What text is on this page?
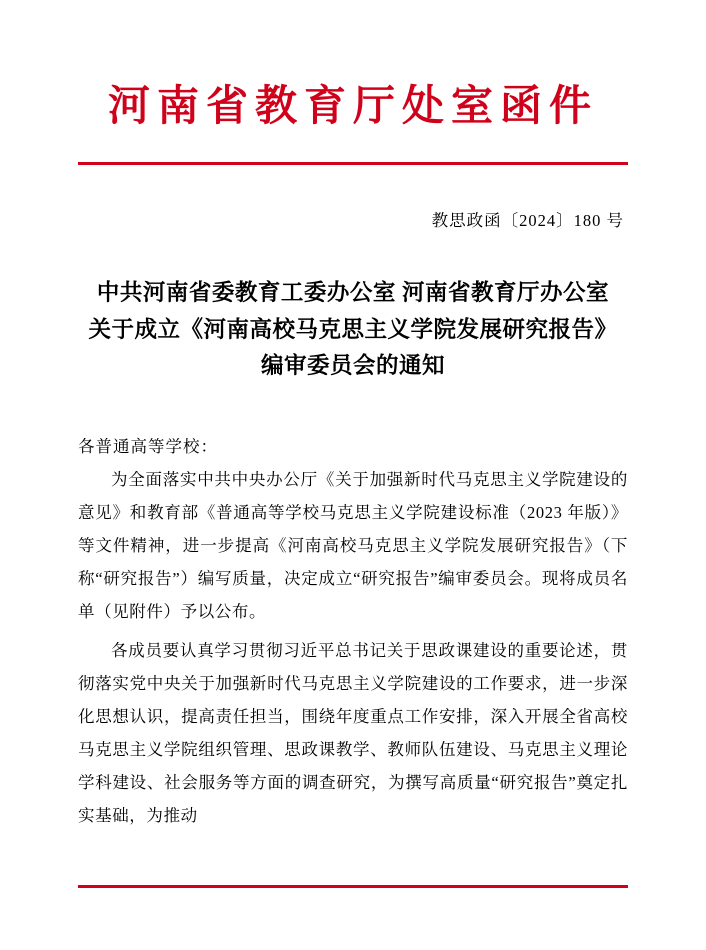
河南省教育厅处室函件
教思政函〔2024〕180 号
中共河南省委教育工委办公室 河南省教育厅办公室
关于成立《河南高校马克思主义学院发展研究报告》
编审委员会的通知
各普通高等学校：

为全面落实中共中央办公厅《关于加强新时代马克思主义学院建设的意见》和教育部《普通高等学校马克思主义学院建设标准（2023 年版）》等文件精神，进一步提高《河南高校马克思主义学院发展研究报告》（下称“研究报告”）编写质量，决定成立“研究报告”编审委员会。现将成员名单（见附件）予以公布。

各成员要认真学习贯彻习近平总书记关于思政课建设的重要论述，贯彻落实党中央关于加强新时代马克思主义学院建设的工作要求，进一步深化思想认识，提高责任担当，围绕年度重点工作安排，深入开展全省高校马克思主义学院组织管理、思政课教学、教师队伍建设、马克思主义理论学科建设、社会服务等方面的调查研究，为撰写高质量“研究报告”奠定扎实基础，为推动
